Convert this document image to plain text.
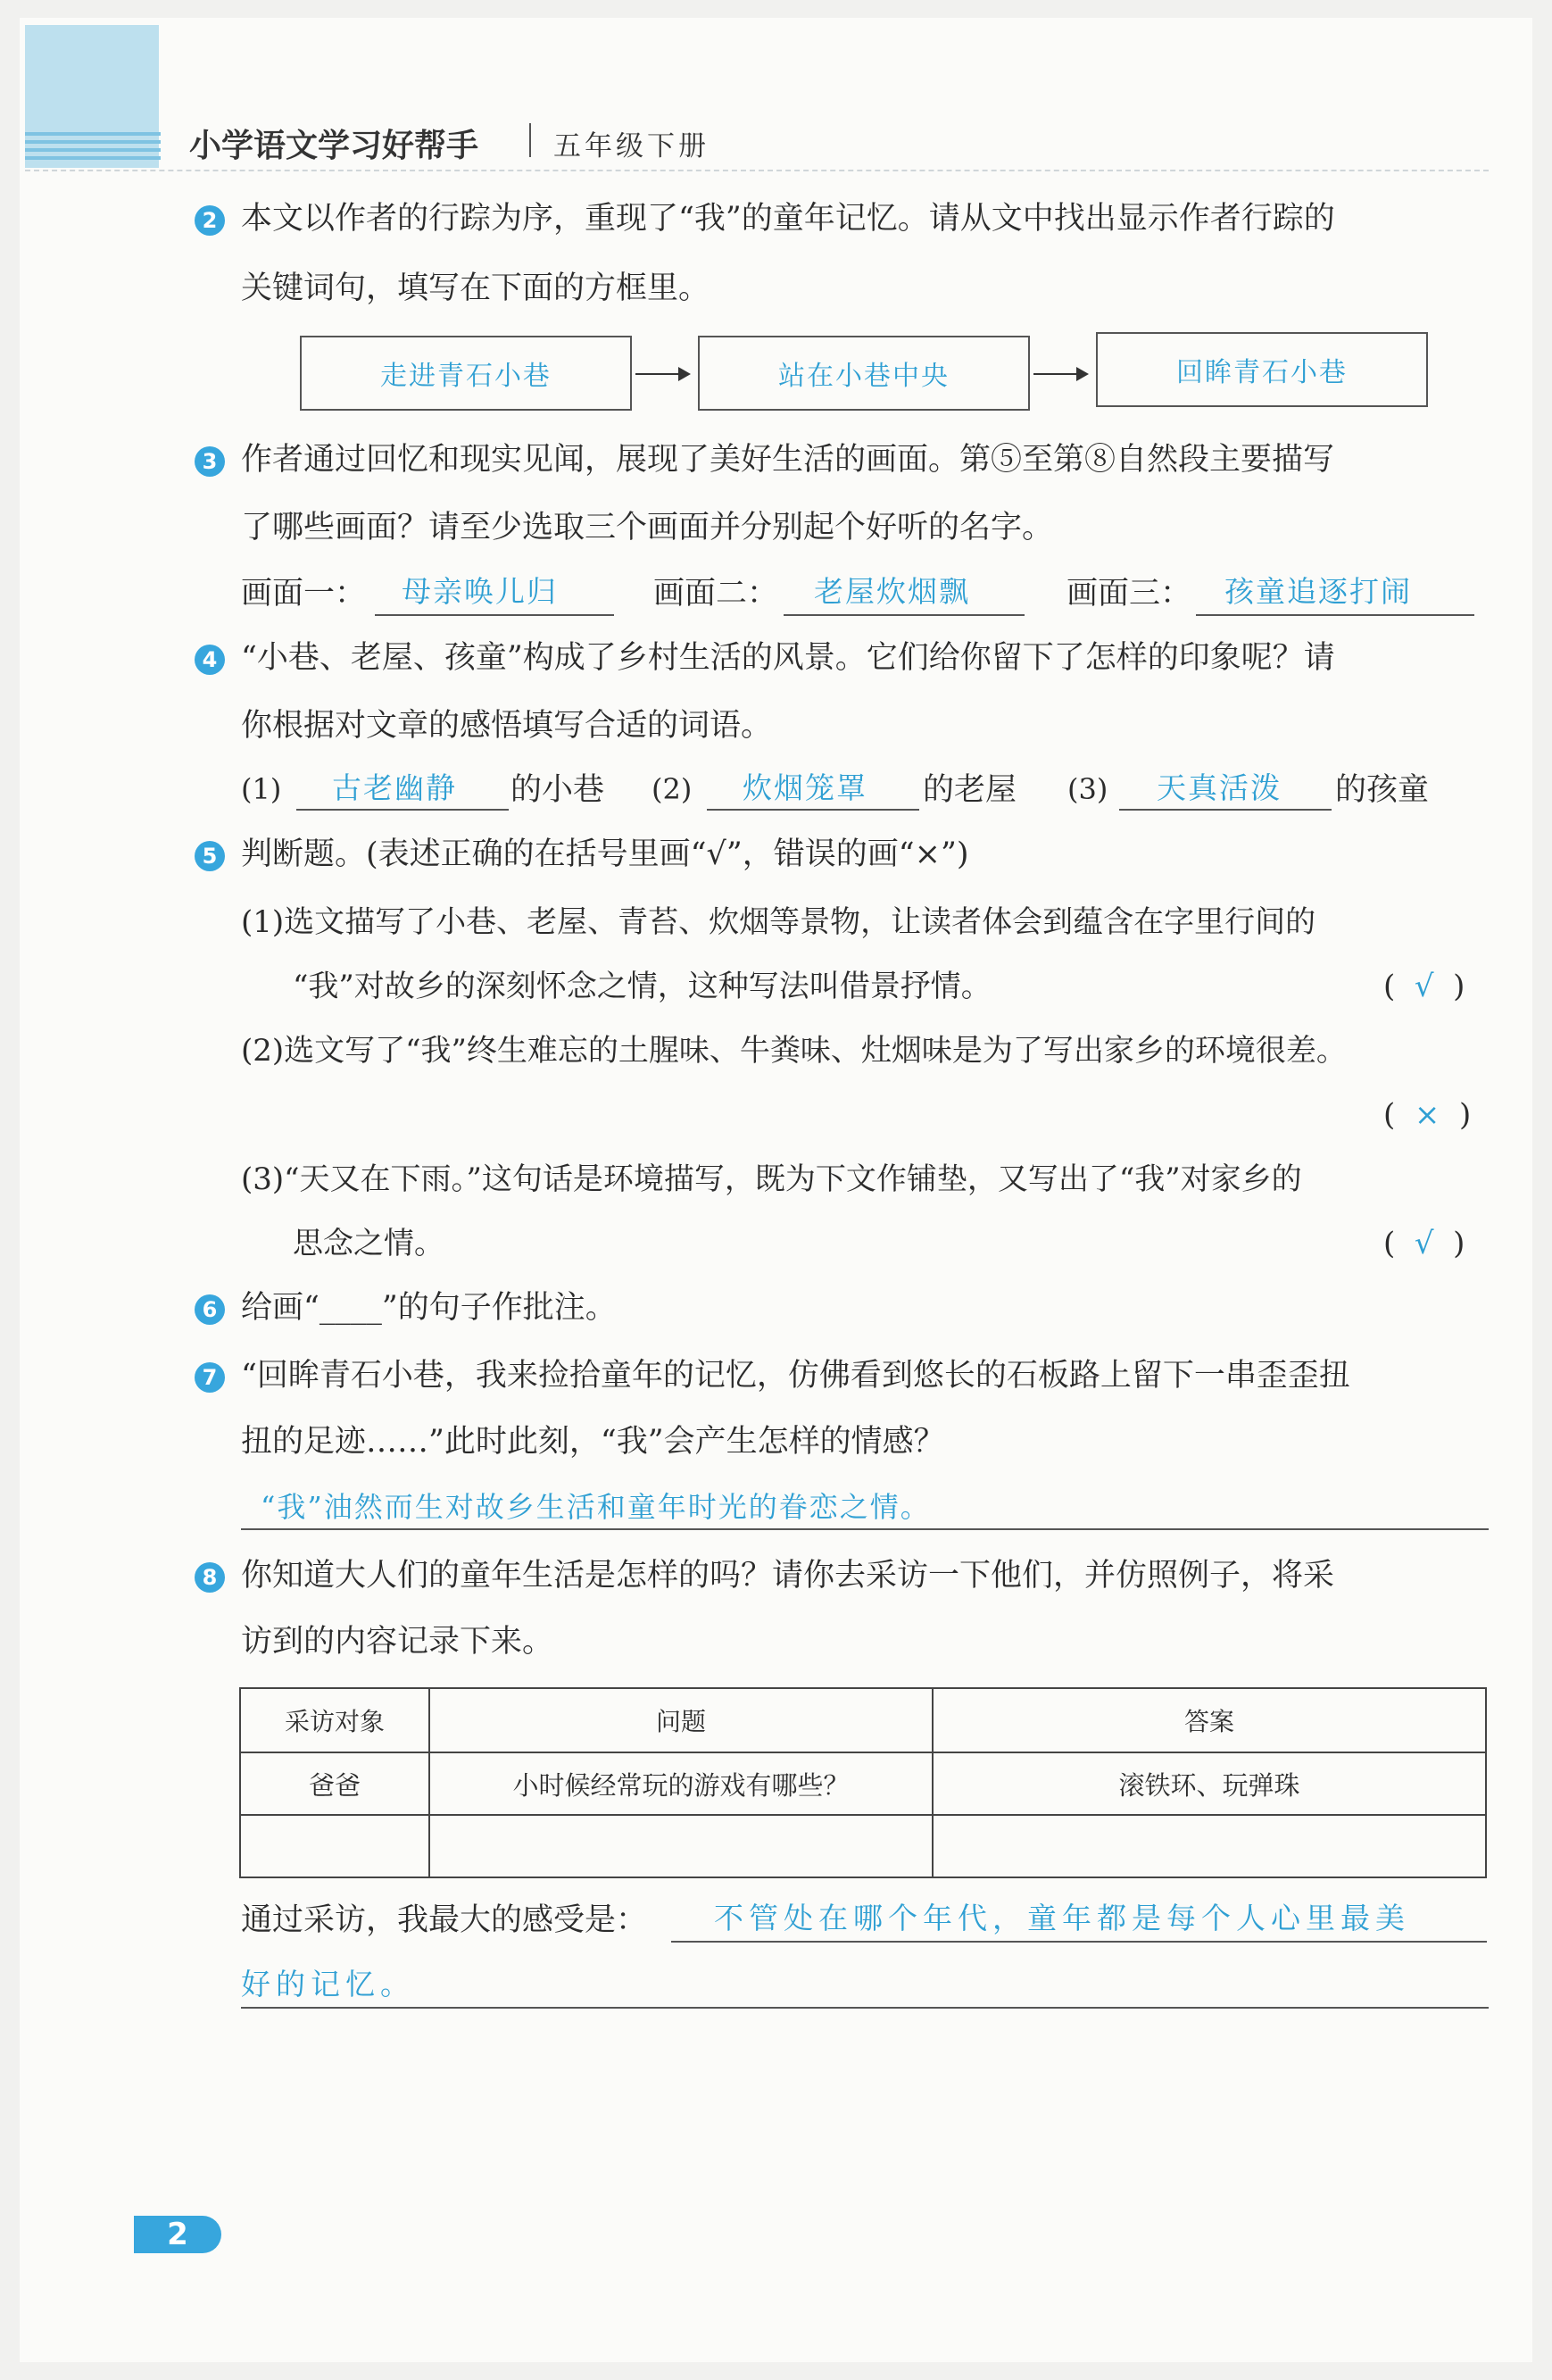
小学语文学习好帮手	五年级下册
2 本文以作者的行踪为序，重现了“我”的童年记忆。请从文中找出显示作者行踪的
关键词句，填写在下面的方框里。
走进青石小巷	站在小巷中央	回眸青石小巷
3 作者通过回忆和现实见闻，展现了美好生活的画面。第⑤至第⑧自然段主要描写
了哪些画面？请至少选取三个画面并分别起个好听的名字。
画面一： 母亲唤儿归	画面二： 老屋炊烟飘	画面三： 孩童追逐打闹
4 “小巷、老屋、孩童”构成了乡村生活的风景。它们给你留下了怎样的印象呢？请
你根据对文章的感悟填写合适的词语。
(1) 古老幽静 的小巷 (2) 炊烟笼罩 的老屋 (3) 天真活泼 的孩童
5 判断题。(表述正确的在括号里画“√”，错误的画“×”)
(1)选文描写了小巷、老屋、青苔、炊烟等景物，让读者体会到蕴含在字里行间的
“我”对故乡的深刻怀念之情，这种写法叫借景抒情。	(  √  )
(2)选文写了“我”终生难忘的土腥味、牛粪味、灶烟味是为了写出家乡的环境很差。
(  ×  )
(3)“天又在下雨。”这句话是环境描写，既为下文作铺垫，又写出了“我”对家乡的
思念之情。	(  √  )
6 给画“____”的句子作批注。
7 “回眸青石小巷，我来捡拾童年的记忆，仿佛看到悠长的石板路上留下一串歪歪扭
扭的足迹……”此时此刻，“我”会产生怎样的情感？
“我”油然而生对故乡生活和童年时光的眷恋之情。
8 你知道大人们的童年生活是怎样的吗？请你去采访一下他们，并仿照例子，将采
访到的内容记录下来。
采访对象	问题	答案
爸爸	小时候经常玩的游戏有哪些？	滚铁环、玩弹珠

通过采访，我最大的感受是： 不管处在哪个年代，童年都是每个人心里最美
好的记忆。
2
